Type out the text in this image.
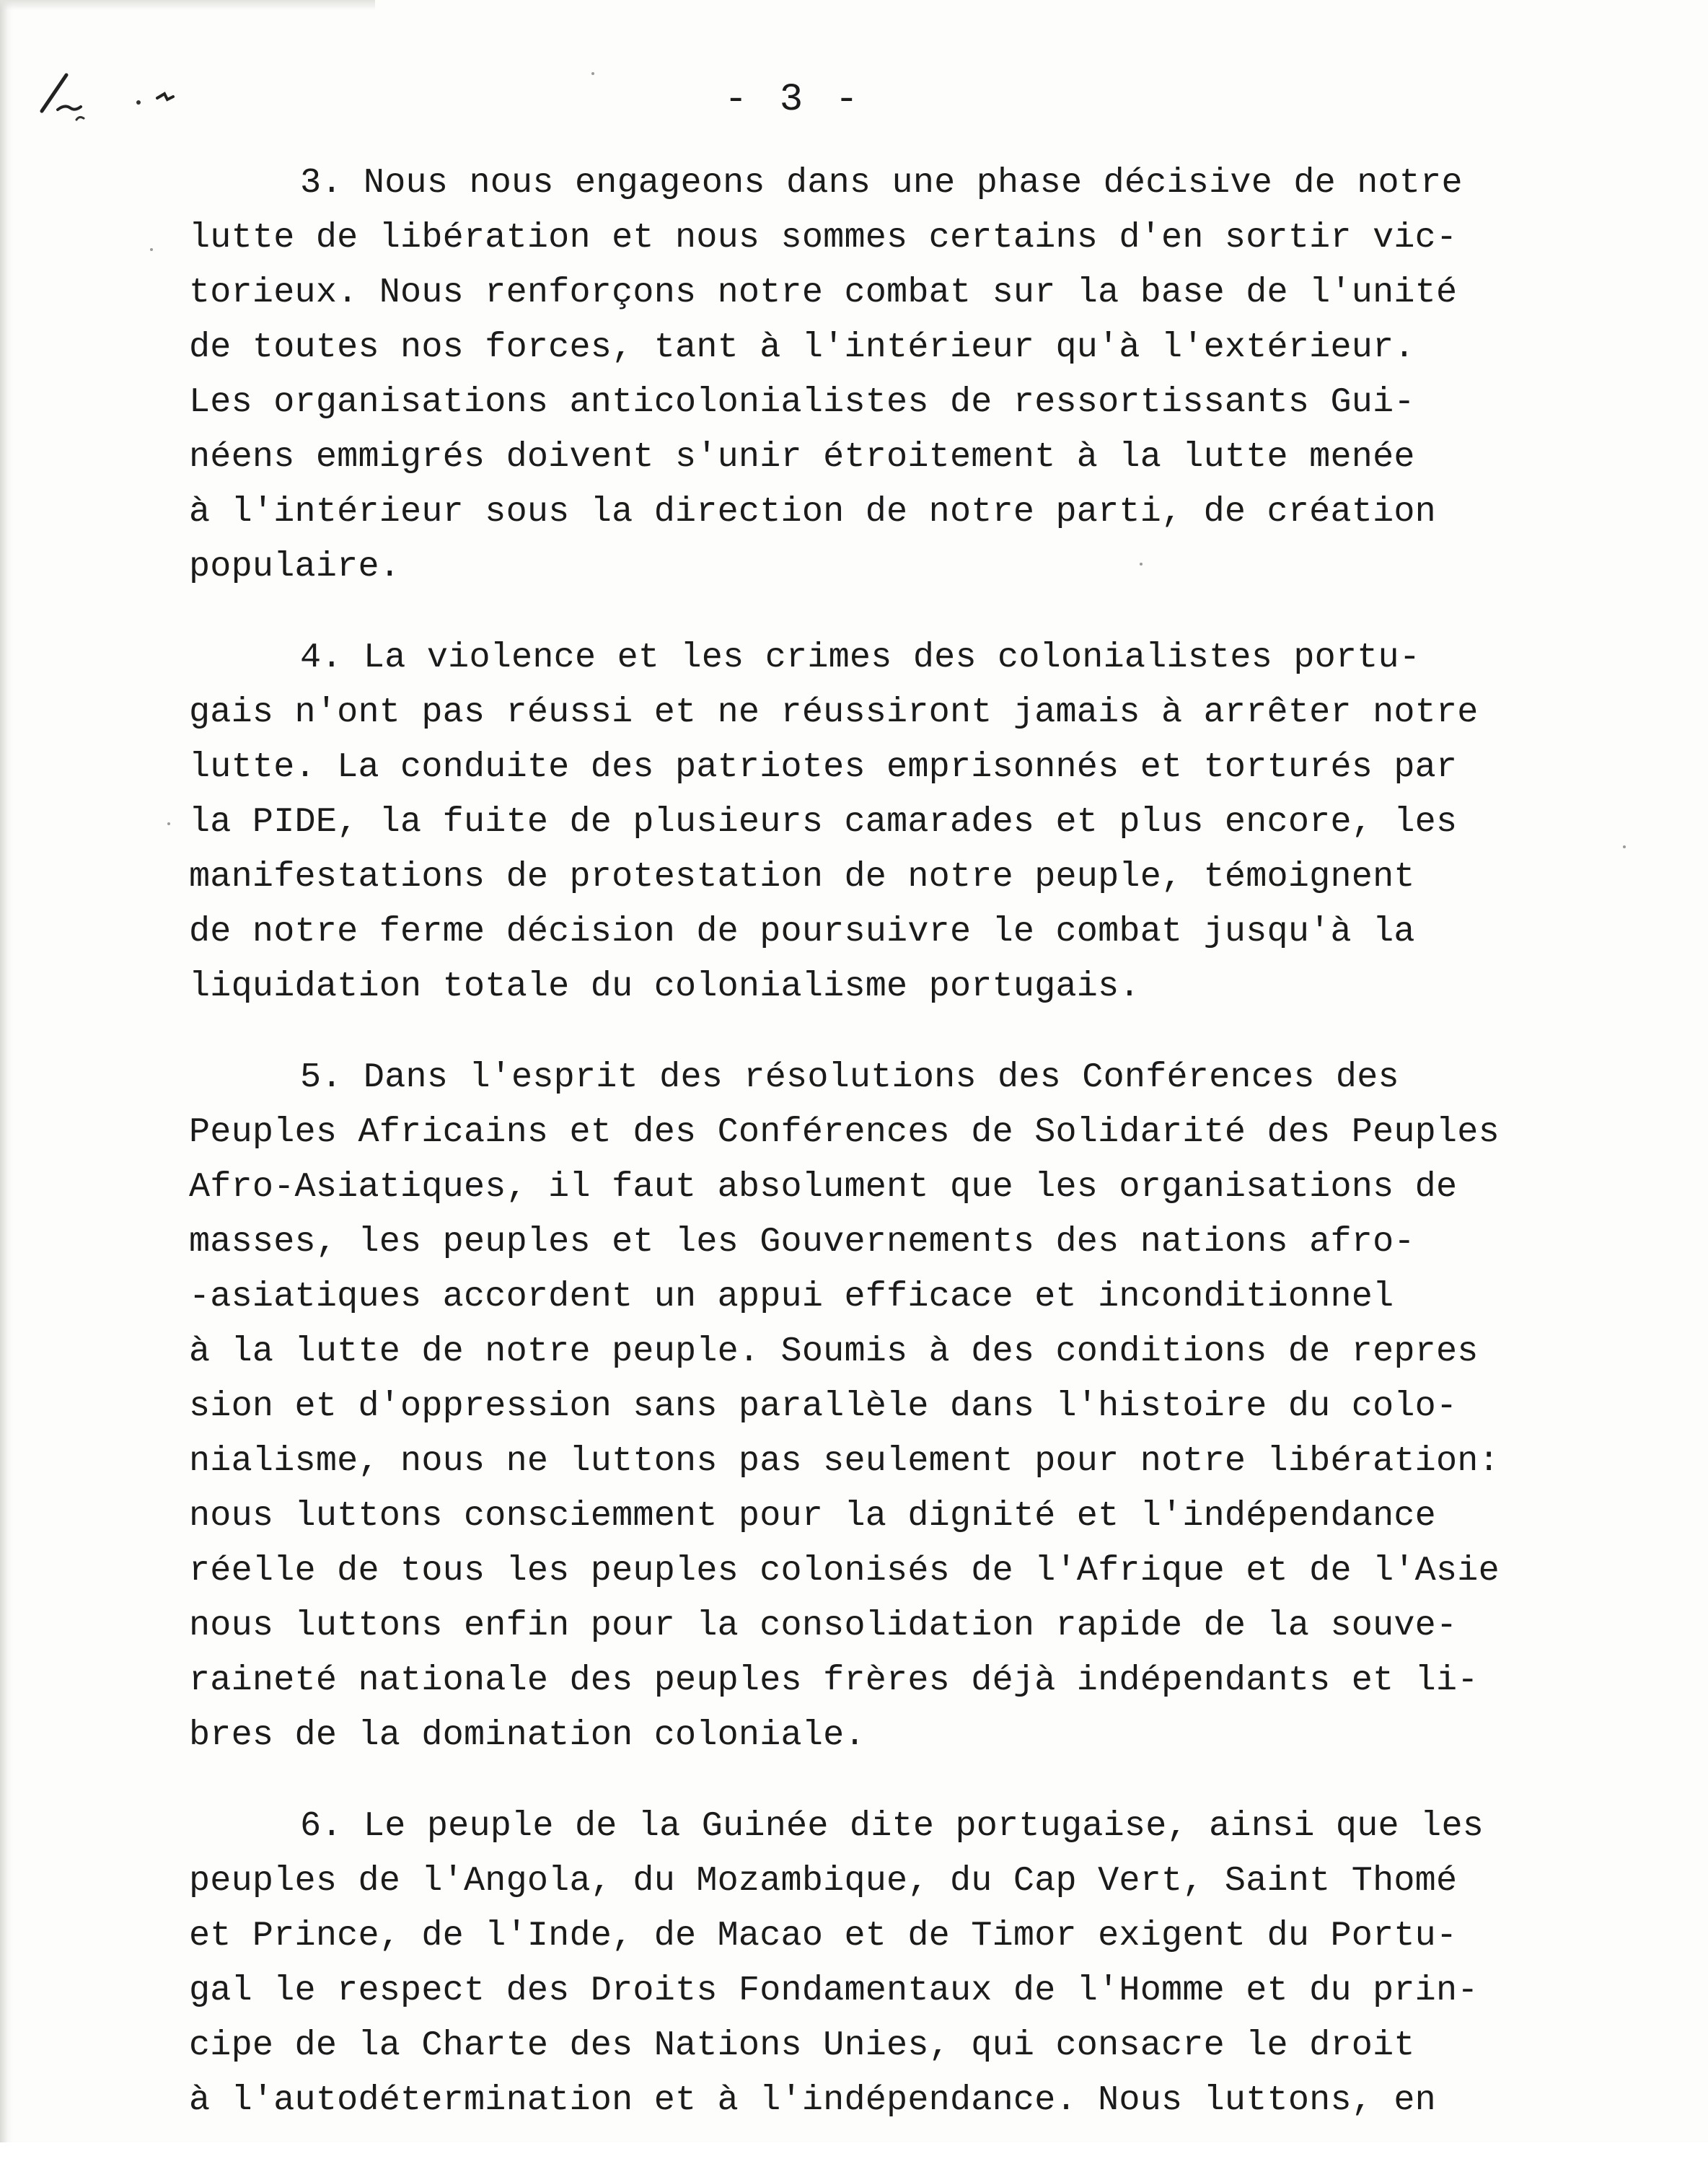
- 3 -
3. Nous nous engageons dans une phase décisive de notre
lutte de libération et nous sommes certains d'en sortir vic-
torieux. Nous renforçons notre combat sur la base de l'unité
de toutes nos forces, tant à l'intérieur qu'à l'extérieur.
Les organisations anticolonialistes de ressortissants Gui-
néens emmigrés doivent s'unir étroitement à la lutte menée
à l'intérieur sous la direction de notre parti, de création
populaire.
4. La violence et les crimes des colonialistes portu-
gais n'ont pas réussi et ne réussiront jamais à arrêter notre
lutte. La conduite des patriotes emprisonnés et torturés par
la PIDE, la fuite de plusieurs camarades et plus encore, les
manifestations de protestation de notre peuple, témoignent
de notre ferme décision de poursuivre le combat jusqu'à la
liquidation totale du colonialisme portugais.
5. Dans l'esprit des résolutions des Conférences des
Peuples Africains et des Conférences de Solidarité des Peuples
Afro-Asiatiques, il faut absolument que les organisations de
masses, les peuples et les Gouvernements des nations afro-
-asiatiques accordent un appui efficace et inconditionnel
à la lutte de notre peuple. Soumis à des conditions de repres
sion et d'oppression sans parallèle dans l'histoire du colo-
nialisme, nous ne luttons pas seulement pour notre libération:
nous luttons consciemment pour la dignité et l'indépendance
réelle de tous les peuples colonisés de l'Afrique et de l'Asie
nous luttons enfin pour la consolidation rapide de la souve-
raineté nationale des peuples frères déjà indépendants et li-
bres de la domination coloniale.
6. Le peuple de la Guinée dite portugaise, ainsi que les
peuples de l'Angola, du Mozambique, du Cap Vert, Saint Thomé
et Prince, de l'Inde, de Macao et de Timor exigent du Portu-
gal le respect des Droits Fondamentaux de l'Homme et du prin-
cipe de la Charte des Nations Unies, qui consacre le droit
à l'autodétermination et à l'indépendance. Nous luttons, en
